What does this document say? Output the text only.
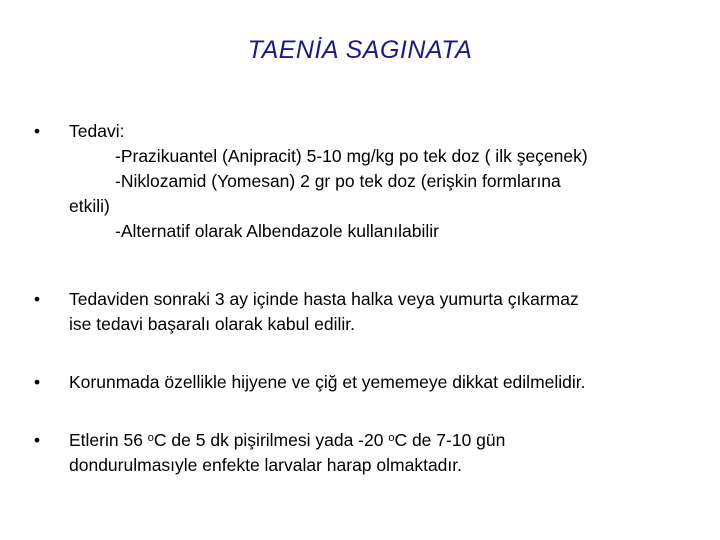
TAENİA SAGINATA
• Tedavi:
-Prazikuantel (Anipracit) 5-10 mg/kg po tek doz ( ilk şeçenek)
-Niklozamid (Yomesan) 2 gr po tek doz (erişkin formlarına
etkili)
-Alternatif olarak Albendazole kullanılabilir
• Tedaviden sonraki 3 ay içinde hasta halka veya yumurta çıkarmaz
ise tedavi başaralı olarak kabul edilir.
• Korunmada özellikle hijyene ve çiğ et yememeye dikkat edilmelidir.
• Etlerin 56 $^o$C de 5 dk pişirilmesi yada -20 $^o$C de 7-10 gün
dondurulmasıyle enfekte larvalar harap olmaktadır.
